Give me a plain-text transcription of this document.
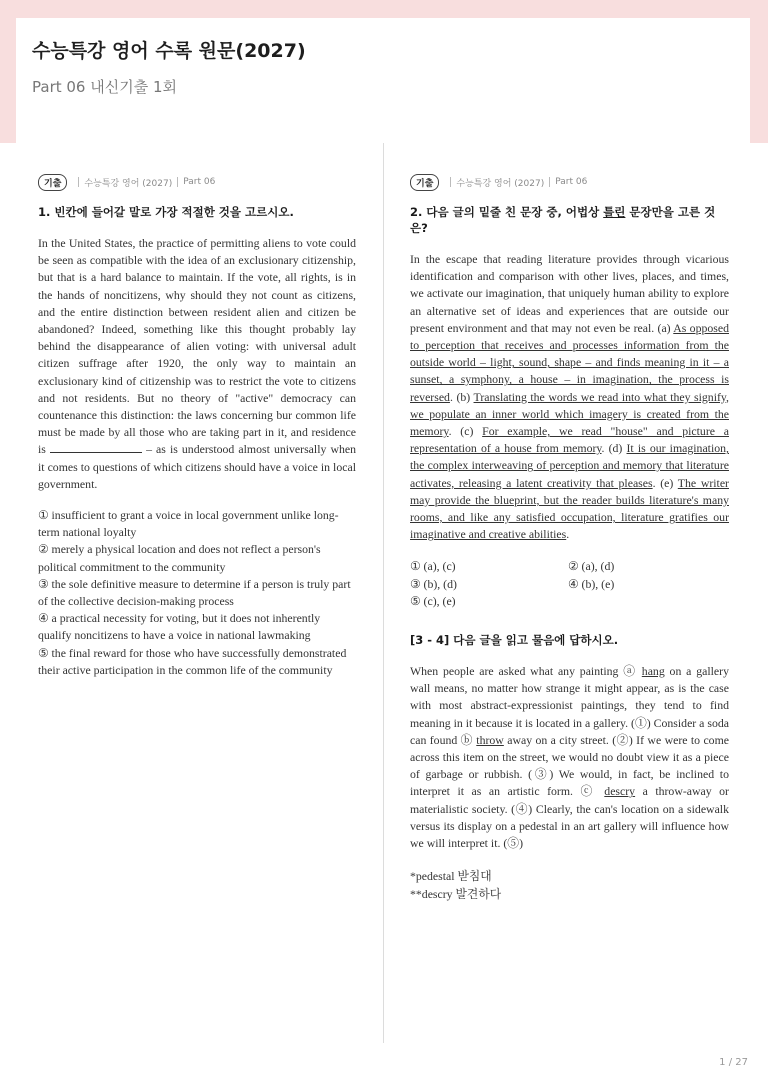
수능특강 영어 수록 원문(2027)
Part 06 내신기출 1회
기출	수능특강 영어 (2027) Part 06
1. 빈칸에 들어갈 말로 가장 적절한 것을 고르시오.
In the United States, the practice of permitting aliens to vote could be seen as compatible with the idea of an exclusionary citizenship, but that is a hard balance to maintain. If the vote, all rights, is in the hands of noncitizens, why should they not count as citizens, and the entire distinction between resident alien and citizen be abandoned? Indeed, something like this thought probably lay behind the disappearance of alien voting: with universal adult citizen suffrage after 1920, the only way to maintain an exclusionary kind of citizenship was to restrict the vote to citizens and not residents. But no theory of "active" democracy can countenance this distinction: the laws concerning bur common life must be made by all those who are taking part in it, and residence is	– as is understood almost universally when it comes to questions of which citizens should have a voice in local government.

① insufficient to grant a voice in local government unlike long-term national loyalty

② merely a physical location and does not reflect a person's political commitment to the community

③ the sole definitive measure to determine if a person is truly part of the collective decision-making process

④ a practical necessity for voting, but it does not inherently qualify noncitizens to have a voice in national lawmaking

⑤ the final reward for those who have successfully demonstrated their active participation in the common life of the community

기출	수능특강 영어 (2027) Part 06
2. 다음 글의 밑줄 친 문장 중, 어법상 틀린 문장만을 고른 것은?
In the escape that reading literature provides through vicarious identification and comparison with other lives, places, and times, we activate our imagination, that uniquely human ability to explore an alternative set of ideas and experiences that are outside our present environment and that may not even be real. (a) As opposed to perception that receives and processes information from the outside world – light, sound, shape – and finds meaning in it – a sunset, a symphony, a house – in imagination, the process is reversed. (b) Translating the words we read into what they signify, we populate an inner world which imagery is created from the memory. (c) For example, we read "house" and picture a representation of a house from memory. (d) It is our imagination, the complex interweaving of perception and memory that literature activates, releasing a latent creativity that pleases. (e) The writer may provide the blueprint, but the reader builds literature's many rooms, and like any satisfied occupation, literature gratifies our imaginative and creative abilities.
① (a), (c)	② (a), (d)
③ (b), (d)	④ (b), (e)
⑤ (c), (e)
[3 - 4] 다음 글을 읽고 물음에 답하시오.
When people are asked what any painting ⓐ hang on a gallery wall means, no matter how strange it might appear, as is the case with most abstract-expressionist paintings, they tend to find meaning in it because it is located in a gallery. (①) Consider a soda can found ⓑ throw away on a city street. (②) If we were to come across this item on the street, we would no doubt view it as a piece of garbage or rubbish. (③) We would, in fact, be inclined to interpret it as an artistic form. ⓒ descry a throw-away or materialistic society. (④) Clearly, the can's location on a sidewalk versus its display on a pedestal in an art gallery will influence how we will interpret it. (⑤)

*pedestal 받침대

**descry 발견하다

1 / 27
